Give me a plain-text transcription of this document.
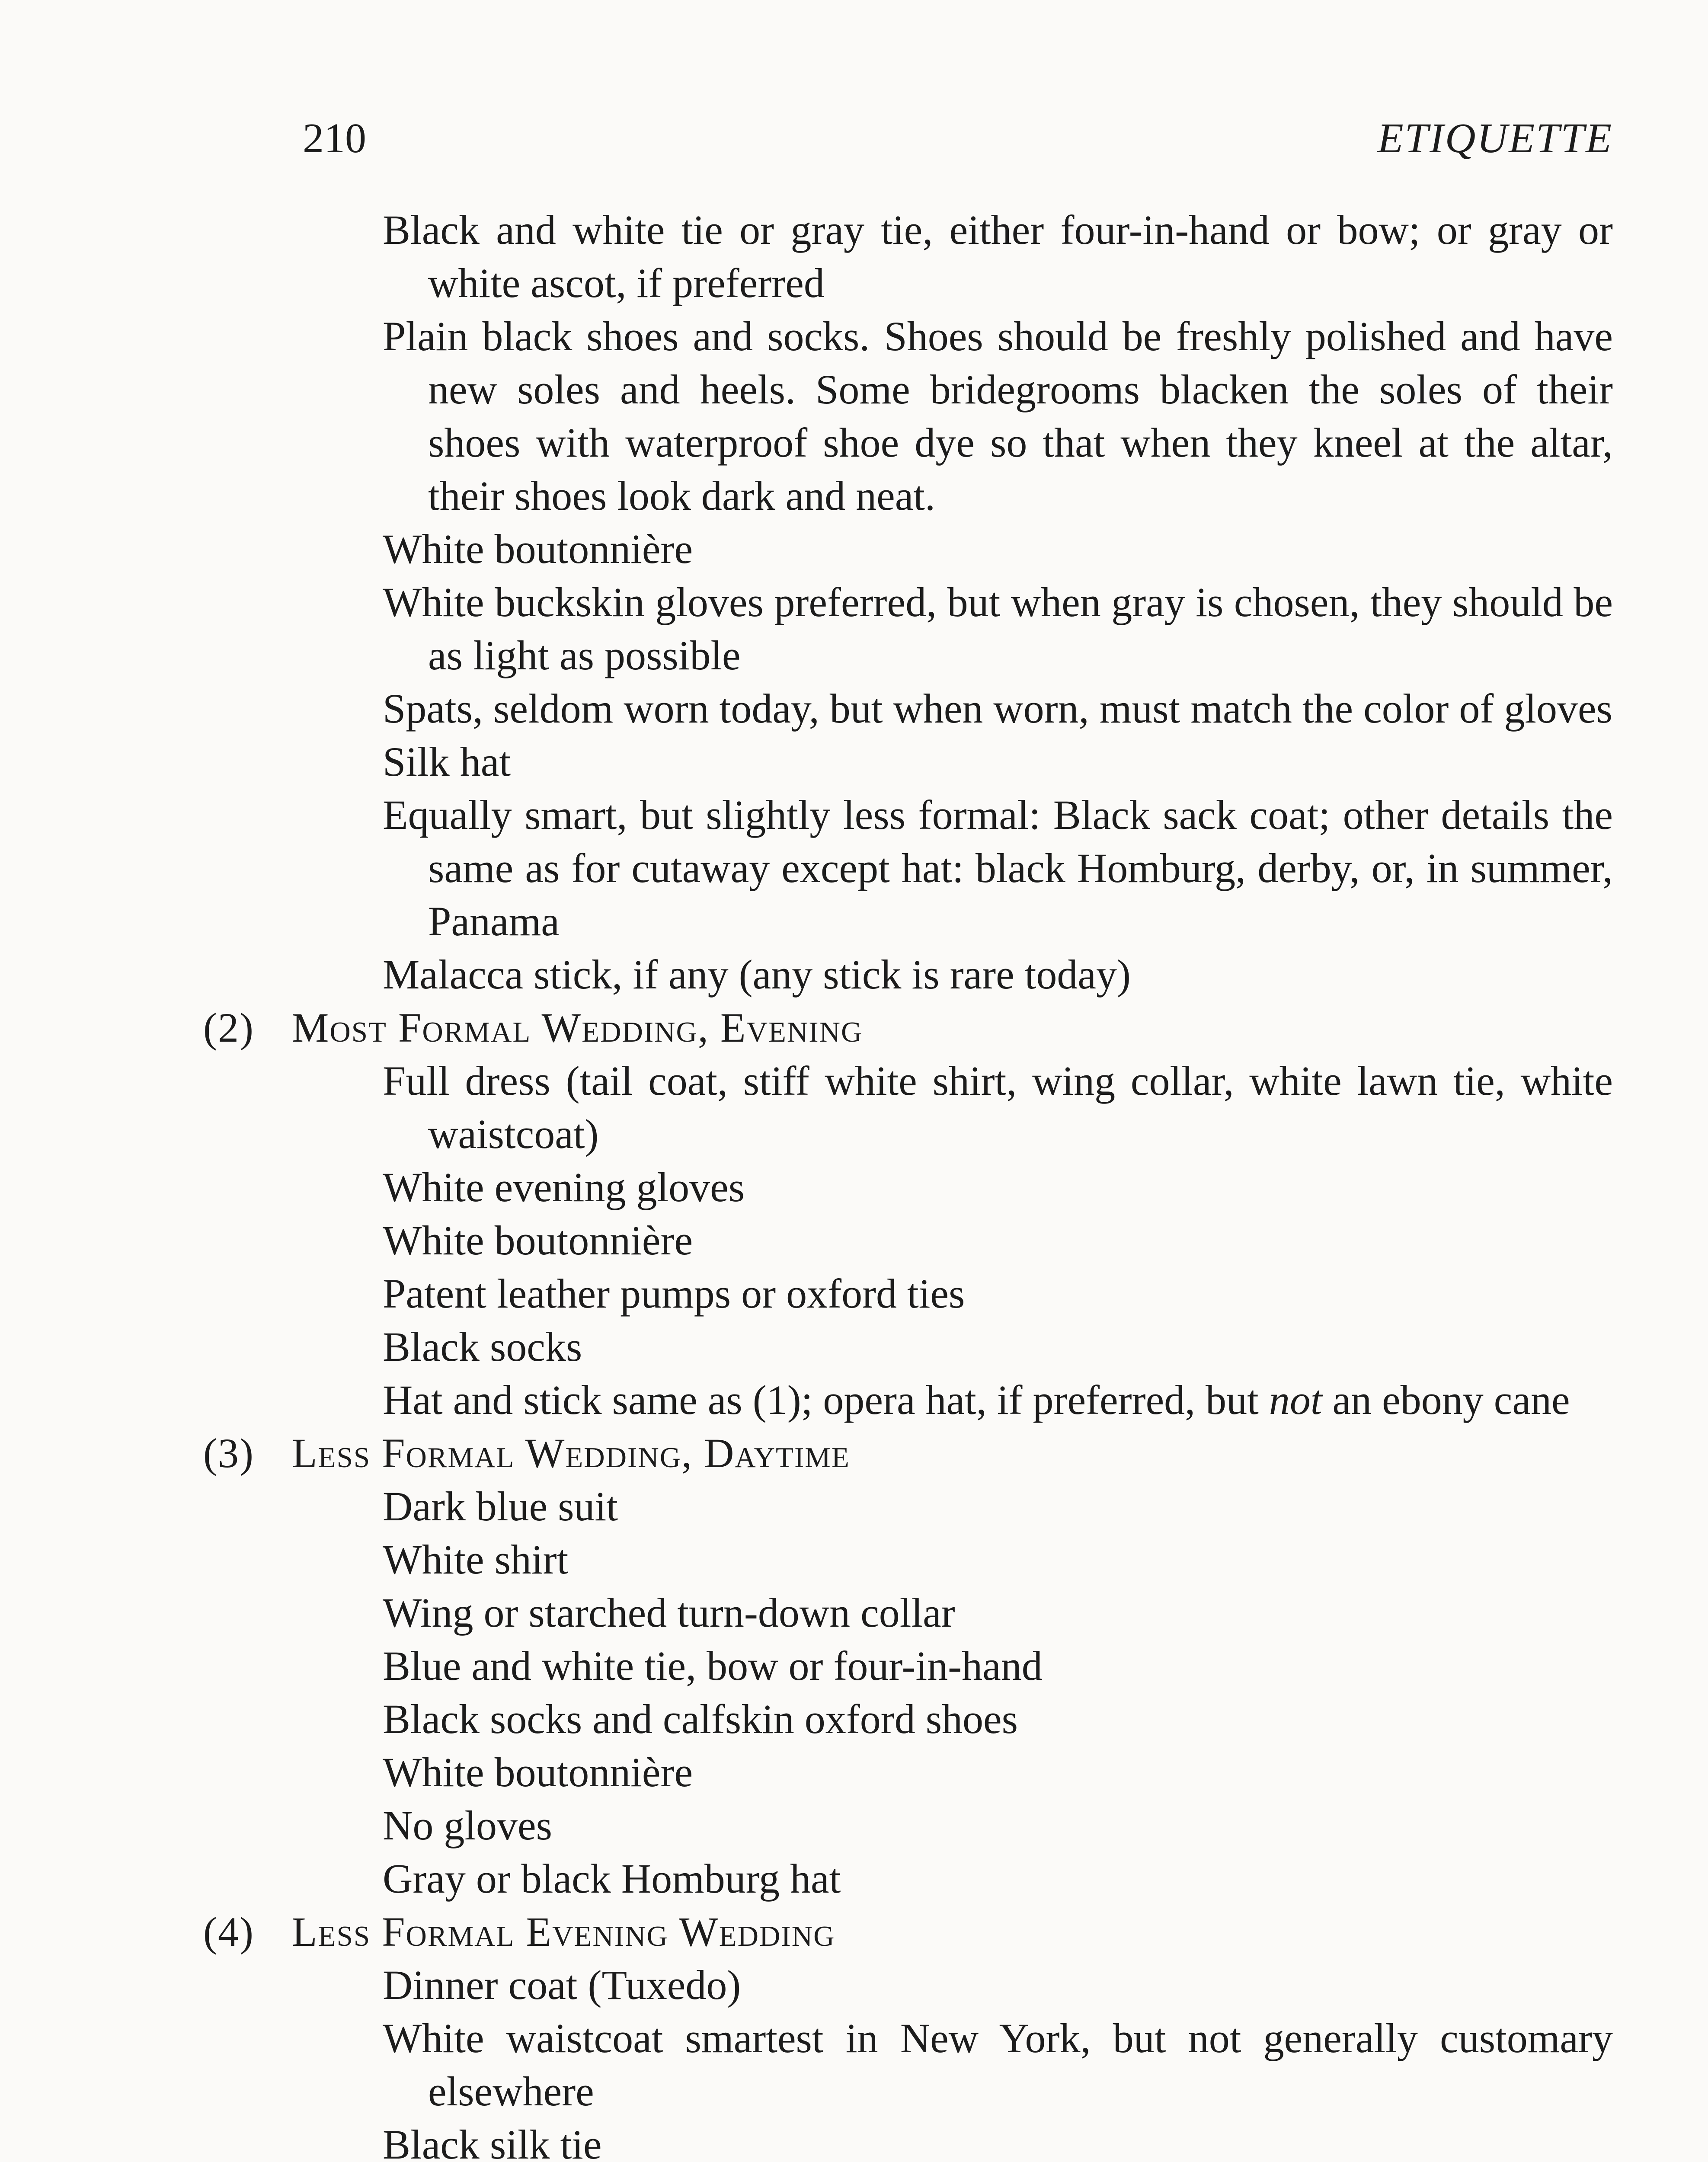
210	ETIQUETTE

Black and white tie or gray tie, either four-in-hand or bow; or gray or white ascot, if preferred

Plain black shoes and socks. Shoes should be freshly polished and have new soles and heels. Some bridegrooms blacken the soles of their shoes with waterproof shoe dye so that when they kneel at the altar, their shoes look dark and neat.

White boutonnière

White buckskin gloves preferred, but when gray is chosen, they should be as light as possible

Spats, seldom worn today, but when worn, must match the color of gloves

Silk hat

Equally smart, but slightly less formal: Black sack coat; other details the same as for cutaway except hat: black Homburg, derby, or, in summer, Panama

Malacca stick, if any (any stick is rare today)

(2) Most Formal Wedding, Evening

Full dress (tail coat, stiff white shirt, wing collar, white lawn tie, white waistcoat)

White evening gloves

White boutonnière

Patent leather pumps or oxford ties

Black socks

Hat and stick same as (1); opera hat, if preferred, but not an ebony cane

(3) Less Formal Wedding, Daytime

Dark blue suit

White shirt

Wing or starched turn-down collar

Blue and white tie, bow or four-in-hand

Black socks and calfskin oxford shoes

White boutonnière

No gloves

Gray or black Homburg hat

(4) Less Formal Evening Wedding

Dinner coat (Tuxedo)

White waistcoat smartest in New York, but not generally customary elsewhere

Black silk tie
